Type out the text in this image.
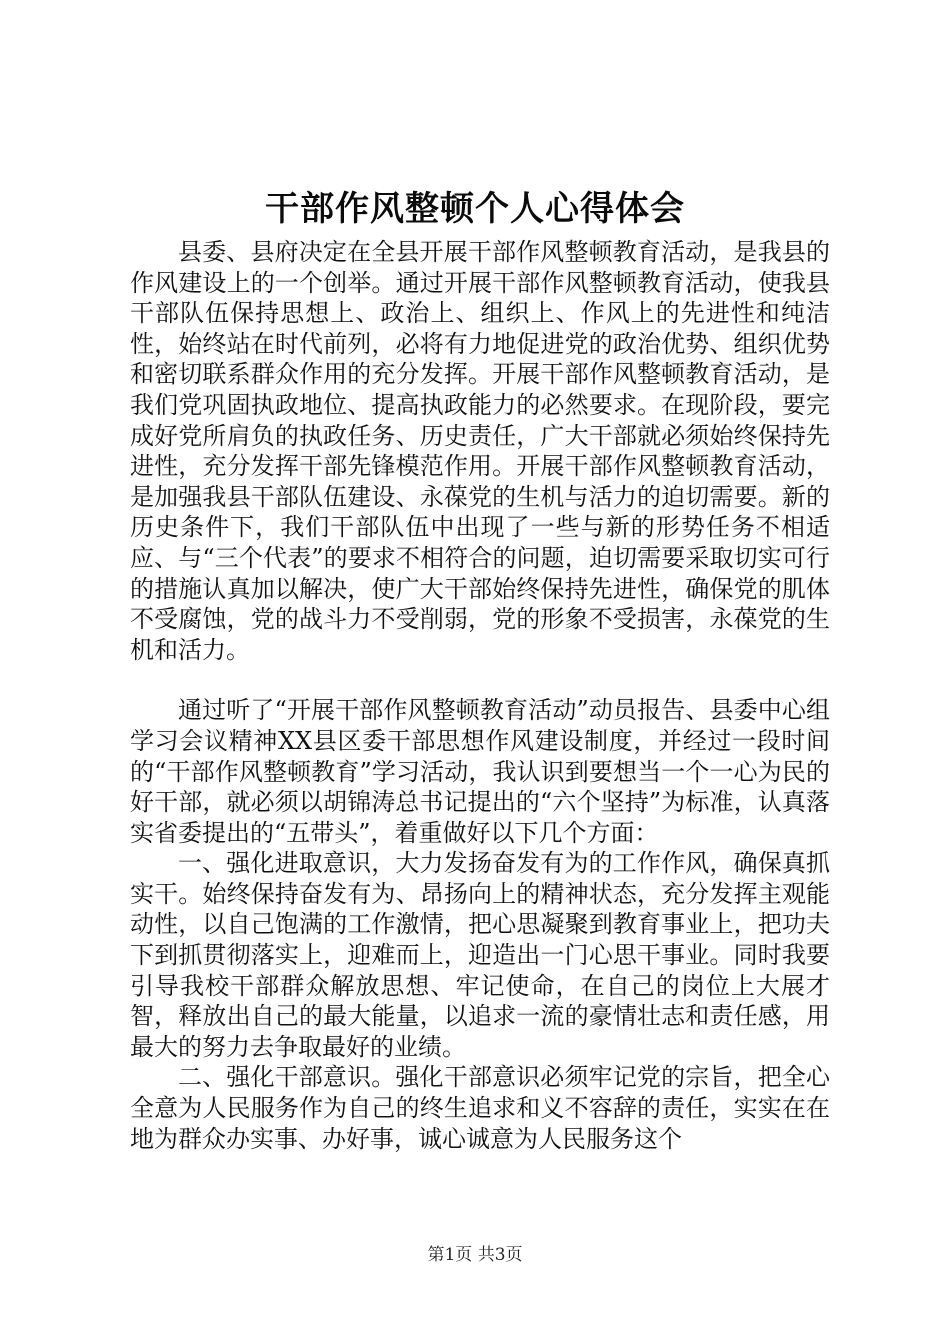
干部作风整顿个人心得体会

县委、县府决定在全县开展干部作风整顿教育活动，是我县的作风建设上的一个创举。通过开展干部作风整顿教育活动，使我县干部队伍保持思想上、政治上、组织上、作风上的先进性和纯洁性，始终站在时代前列，必将有力地促进党的政治优势、组织优势和密切联系群众作用的充分发挥。开展干部作风整顿教育活动，是我们党巩固执政地位、提高执政能力的必然要求。在现阶段，要完成好党所肩负的执政任务、历史责任，广大干部就必须始终保持先进性，充分发挥干部先锋模范作用。开展干部作风整顿教育活动，是加强我县干部队伍建设、永葆党的生机与活力的迫切需要。新的历史条件下，我们干部队伍中出现了一些与新的形势任务不相适应、与“三个代表”的要求不相符合的问题，迫切需要采取切实可行的措施认真加以解决，使广大干部始终保持先进性，确保党的肌体不受腐蚀，党的战斗力不受削弱，党的形象不受损害，永葆党的生机和活力。

通过听了“开展干部作风整顿教育活动”动员报告、县委中心组学习会议精神XX县区委干部思想作风建设制度，并经过一段时间的“干部作风整顿教育”学习活动，我认识到要想当一个一心为民的好干部，就必须以胡锦涛总书记提出的“六个坚持”为标准，认真落实省委提出的“五带头”，着重做好以下几个方面：

一、强化进取意识，大力发扬奋发有为的工作作风，确保真抓实干。始终保持奋发有为、昂扬向上的精神状态，充分发挥主观能动性，以自己饱满的工作激情，把心思凝聚到教育事业上，把功夫下到抓贯彻落实上，迎难而上，迎造出一门心思干事业。同时我要引导我校干部群众解放思想、牢记使命，在自己的岗位上大展才智，释放出自己的最大能量，以追求一流的豪情壮志和责任感，用最大的努力去争取最好的业绩。

二、强化干部意识。强化干部意识必须牢记党的宗旨，把全心全意为人民服务作为自己的终生追求和义不容辞的责任，实实在在地为群众办实事、办好事，诚心诚意为人民服务这个

第1页 共3页
